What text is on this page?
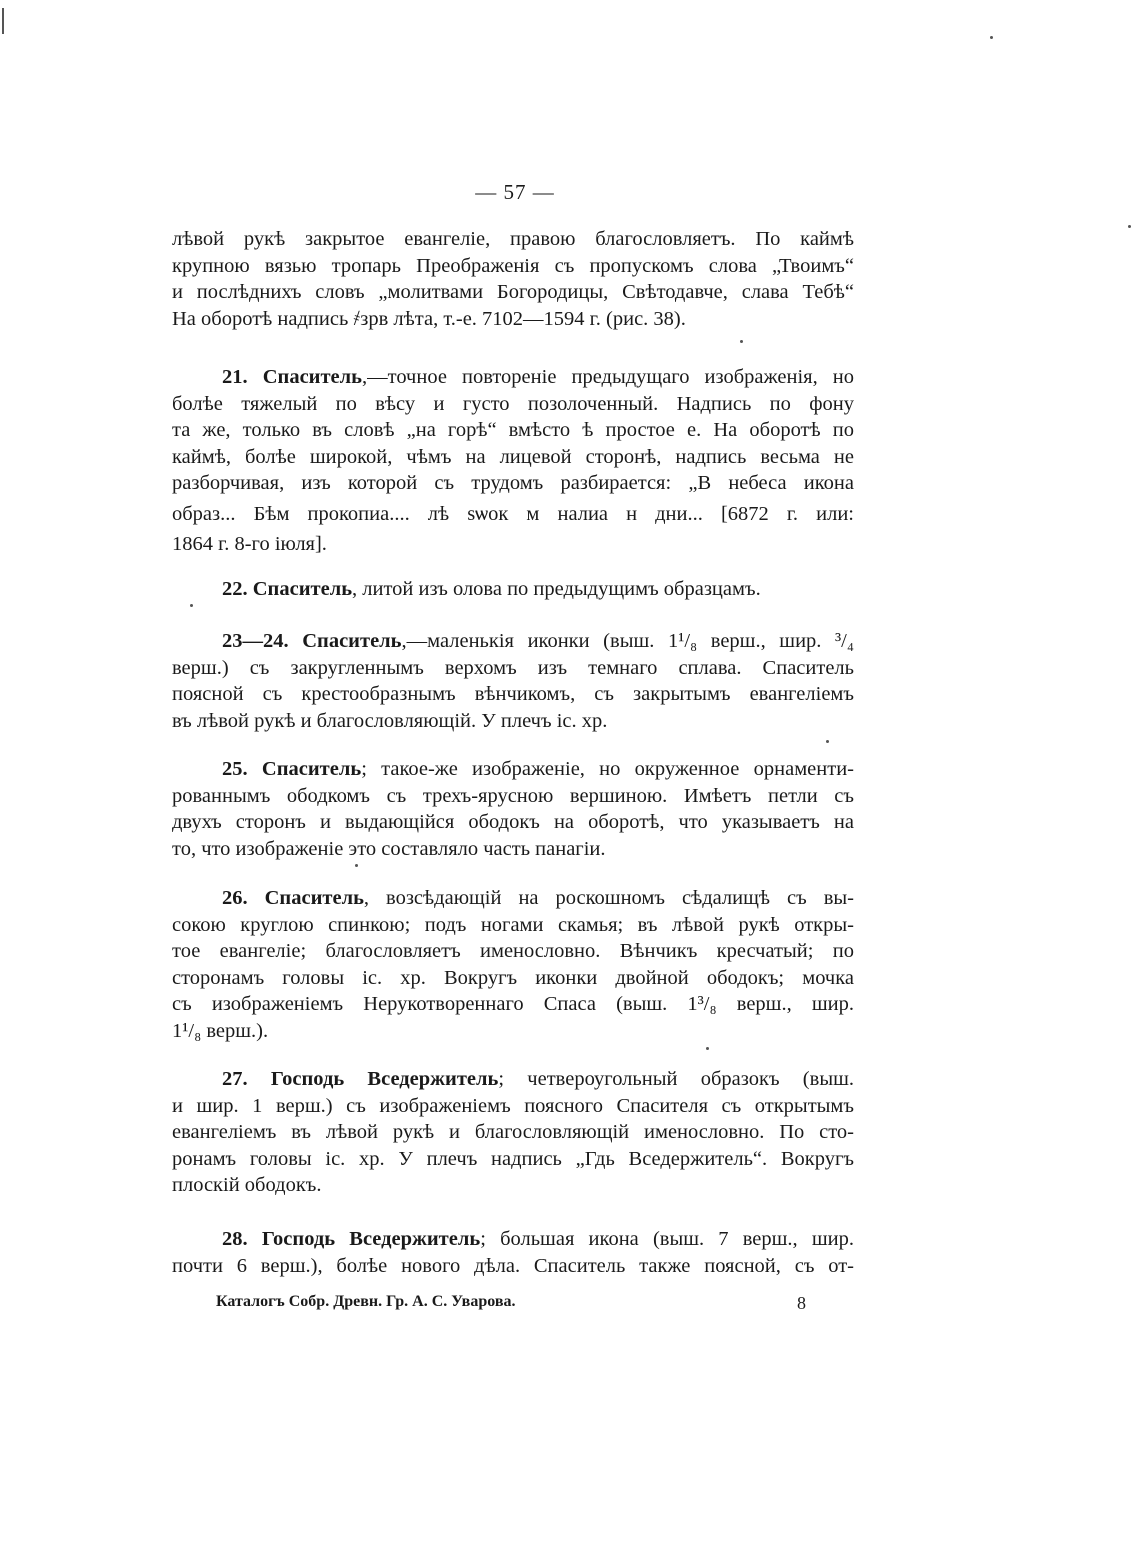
— 57 —
лѣвой рукѣ закрытое евангеліе, правою благословляетъ. По каймѣ
крупною вязью тропарь Преображенія съ пропускомъ слова „Твоимъ“
и послѣднихъ словъ „молитвами Богородицы, Свѣтодавче, слава Тебѣ“
На оборотѣ надпись ҂зрв лѣта, т.-е. 7102—1594 г. (рис. 38).
21. Спаситель,—точное повтореніе предыдущаго изображенія, но
болѣе тяжелый по вѣсу и густо позолоченный. Надпись по фону
та же, только въ словѣ „на горѣ“ вмѣсто ѣ простое е. На оборотѣ по
каймѣ, болѣе широкой, чѣмъ на лицевой сторонѣ, надпись весьма не
разборчивая, изъ которой съ трудомъ разбирается: „В небеса икона
образ... Бѣм прокопиа.... лѣ sѡок м налиа н дни... [6872 г. или:
1864 г. 8-го іюля].
22. Спаситель, литой изъ олова по предыдущимъ образцамъ.
23—24. Спаситель,—маленькія иконки (выш. 1¹/₈ верш., шир. ³/₄
верш.) съ закругленнымъ верхомъ изъ темнаго сплава. Спаситель
поясной съ крестообразнымъ вѣнчикомъ, съ закрытымъ евангеліемъ
въ лѣвой рукѣ и благословляющій. У плечъ іс. хр.
25. Спаситель; такое-же изображеніе, но окруженное орнаменти-
рованнымъ ободкомъ съ трехъ-ярусною вершиною. Имѣетъ петли съ
двухъ сторонъ и выдающійся ободокъ на оборотѣ, что указываетъ на
то, что изображеніе это составляло часть панагіи.
26. Спаситель, возсѣдающій на роскошномъ сѣдалищѣ съ вы-
сокою круглою спинкою; подъ ногами скамья; въ лѣвой рукѣ откры-
тое евангеліе; благословляетъ именословно. Вѣнчикъ кресчатый; по
сторонамъ головы іс. хр. Вокругъ иконки двойной ободокъ; мочка
съ изображеніемъ Нерукотвореннаго Спаса (выш. 1³/₈ верш., шир.
1¹/₈ верш.).
27. Господь Вседержитель; четвероугольный образокъ (выш.
и шир. 1 верш.) съ изображеніемъ поясного Спасителя съ открытымъ
евангеліемъ въ лѣвой рукѣ и благословляющій именословно. По сто-
ронамъ головы іс. хр. У плечъ надпись „Гдь Вседержитель“. Вокругъ
плоскій ободокъ.
28. Господь Вседержитель; большая икона (выш. 7 верш., шир.
почти 6 верш.), болѣе нового дѣла. Спаситель также поясной, съ от-
Каталогъ Собр. Древн. Гр. А. С. Уварова.	8
